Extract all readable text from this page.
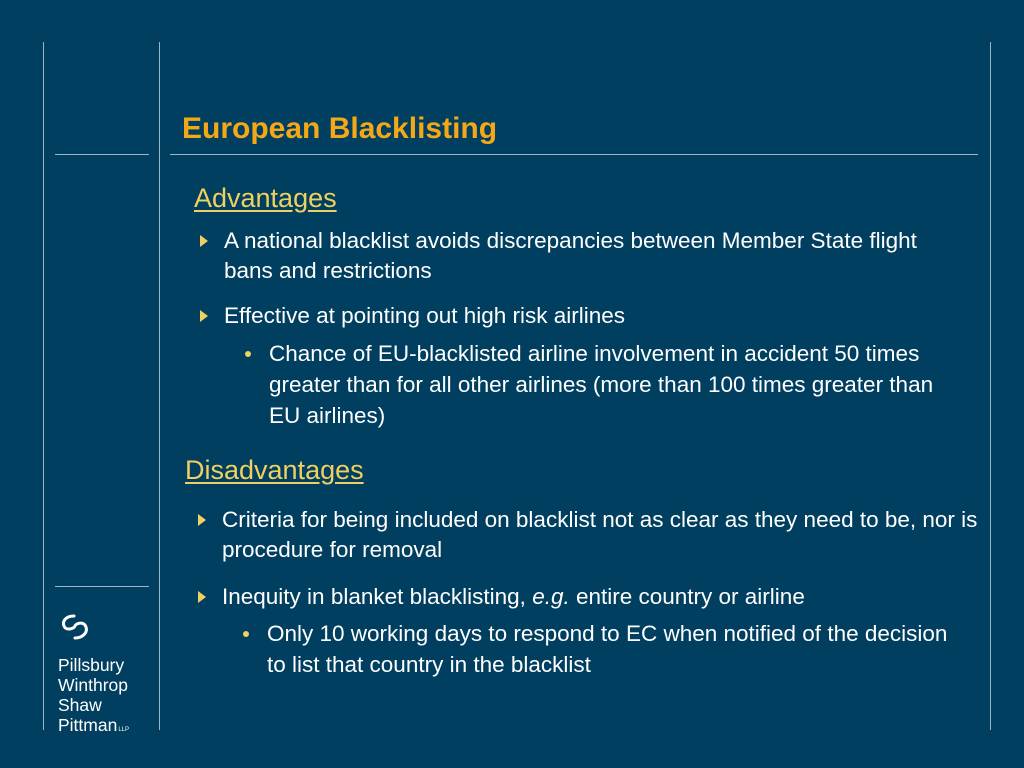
European Blacklisting
Advantages
A national blacklist avoids discrepancies between Member State flight bans and restrictions
Effective at pointing out high risk airlines
Chance of EU-blacklisted airline involvement in accident 50 times greater than for all other airlines (more than 100 times greater than EU airlines)
Disadvantages
Criteria for being included on blacklist not as clear as they need to be, nor is procedure for removal
Inequity in blanket blacklisting, e.g. entire country or airline
Only 10 working days to respond to EC when notified of the decision to list that country in the blacklist
Pillsbury
Winthrop
Shaw
PittmanLLP
